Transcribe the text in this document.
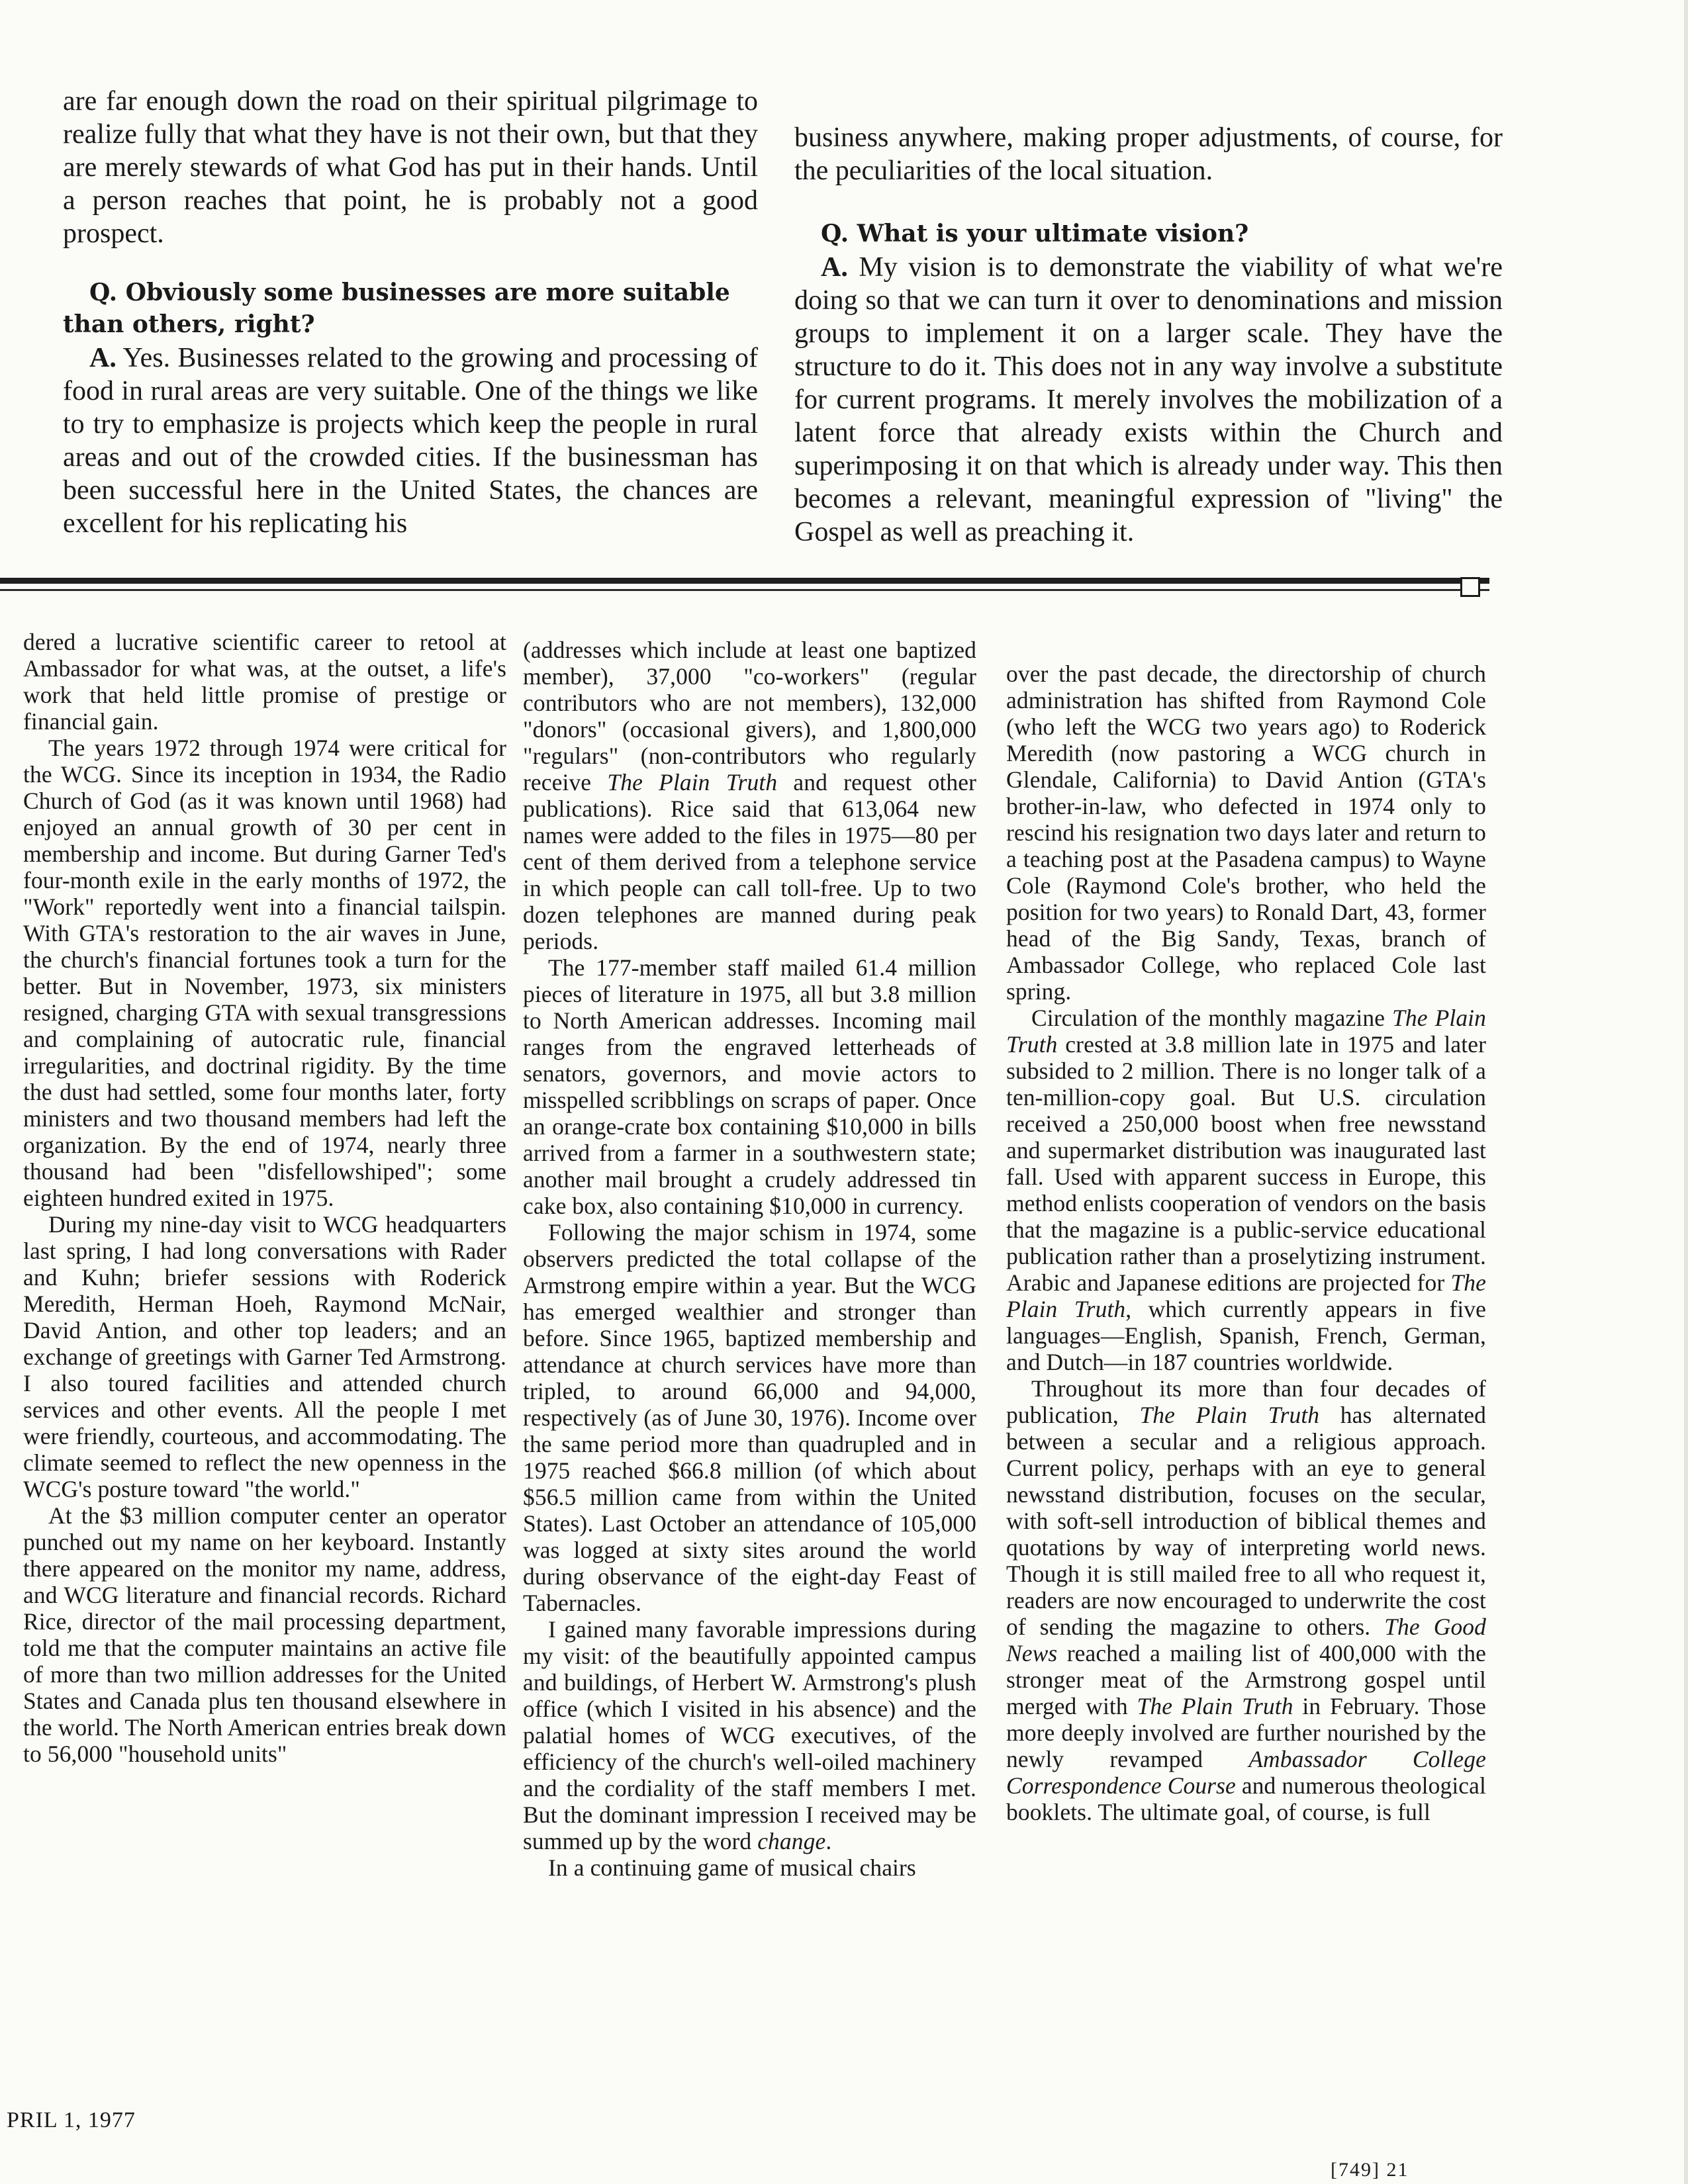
are far enough down the road on their spiritual pilgrimage to realize fully that what they have is not their own, but that they are merely stewards of what God has put in their hands. Until a person reaches that point, he is probably not a good prospect.

Q. Obviously some businesses are more suitable than others, right?

A. Yes. Businesses related to the growing and processing of food in rural areas are very suitable. One of the things we like to try to emphasize is projects which keep the people in rural areas and out of the crowded cities. If the businessman has been successful here in the United States, the chances are excellent for his replicating his

business anywhere, making proper adjustments, of course, for the peculiarities of the local situation.

Q. What is your ultimate vision?

A. My vision is to demonstrate the viability of what we're doing so that we can turn it over to denominations and mission groups to implement it on a larger scale. They have the structure to do it. This does not in any way involve a substitute for current programs. It merely involves the mobilization of a latent force that already exists within the Church and superimposing it on that which is already under way. This then becomes a relevant, meaningful expression of "living" the Gospel as well as preaching it.

dered a lucrative scientific career to retool at Ambassador for what was, at the outset, a life's work that held little promise of prestige or financial gain.

The years 1972 through 1974 were critical for the WCG. Since its inception in 1934, the Radio Church of God (as it was known until 1968) had enjoyed an annual growth of 30 per cent in membership and income. But during Garner Ted's four-month exile in the early months of 1972, the "Work" reportedly went into a financial tailspin. With GTA's restoration to the air waves in June, the church's financial fortunes took a turn for the better. But in November, 1973, six ministers resigned, charging GTA with sexual transgressions and complaining of autocratic rule, financial irregularities, and doctrinal rigidity. By the time the dust had settled, some four months later, forty ministers and two thousand members had left the organization. By the end of 1974, nearly three thousand had been "disfellowshiped"; some eighteen hundred exited in 1975.

During my nine-day visit to WCG headquarters last spring, I had long conversations with Rader and Kuhn; briefer sessions with Roderick Meredith, Herman Hoeh, Raymond McNair, David Antion, and other top leaders; and an exchange of greetings with Garner Ted Armstrong. I also toured facilities and attended church services and other events. All the people I met were friendly, courteous, and accommodating. The climate seemed to reflect the new openness in the WCG's posture toward "the world."

At the $3 million computer center an operator punched out my name on her keyboard. Instantly there appeared on the monitor my name, address, and WCG literature and financial records. Richard Rice, director of the mail processing department, told me that the computer maintains an active file of more than two million addresses for the United States and Canada plus ten thousand elsewhere in the world. The North American entries break down to 56,000 "household units"

(addresses which include at least one baptized member), 37,000 "co-workers" (regular contributors who are not members), 132,000 "donors" (occasional givers), and 1,800,000 "regulars" (non-contributors who regularly receive The Plain Truth and request other publications). Rice said that 613,064 new names were added to the files in 1975—80 per cent of them derived from a telephone service in which people can call toll-free. Up to two dozen telephones are manned during peak periods.

The 177-member staff mailed 61.4 million pieces of literature in 1975, all but 3.8 million to North American addresses. Incoming mail ranges from the engraved letterheads of senators, governors, and movie actors to misspelled scribblings on scraps of paper. Once an orange-crate box containing $10,000 in bills arrived from a farmer in a southwestern state; another mail brought a crudely addressed tin cake box, also containing $10,000 in currency.

Following the major schism in 1974, some observers predicted the total collapse of the Armstrong empire within a year. But the WCG has emerged wealthier and stronger than before. Since 1965, baptized membership and attendance at church services have more than tripled, to around 66,000 and 94,000, respectively (as of June 30, 1976). Income over the same period more than quadrupled and in 1975 reached $66.8 million (of which about $56.5 million came from within the United States). Last October an attendance of 105,000 was logged at sixty sites around the world during observance of the eight-day Feast of Tabernacles.

I gained many favorable impressions during my visit: of the beautifully appointed campus and buildings, of Herbert W. Armstrong's plush office (which I visited in his absence) and the palatial homes of WCG executives, of the efficiency of the church's well-oiled machinery and the cordiality of the staff members I met. But the dominant impression I received may be summed up by the word change.

In a continuing game of musical chairs

over the past decade, the directorship of church administration has shifted from Raymond Cole (who left the WCG two years ago) to Roderick Meredith (now pastoring a WCG church in Glendale, California) to David Antion (GTA's brother-in-law, who defected in 1974 only to rescind his resignation two days later and return to a teaching post at the Pasadena campus) to Wayne Cole (Raymond Cole's brother, who held the position for two years) to Ronald Dart, 43, former head of the Big Sandy, Texas, branch of Ambassador College, who replaced Cole last spring.

Circulation of the monthly magazine The Plain Truth crested at 3.8 million late in 1975 and later subsided to 2 million. There is no longer talk of a ten-million-copy goal. But U.S. circulation received a 250,000 boost when free newsstand and supermarket distribution was inaugurated last fall. Used with apparent success in Europe, this method enlists cooperation of vendors on the basis that the magazine is a public-service educational publication rather than a proselytizing instrument. Arabic and Japanese editions are projected for The Plain Truth, which currently appears in five languages—English, Spanish, French, German, and Dutch—in 187 countries worldwide.

Throughout its more than four decades of publication, The Plain Truth has alternated between a secular and a religious approach. Current policy, perhaps with an eye to general newsstand distribution, focuses on the secular, with soft-sell introduction of biblical themes and quotations by way of interpreting world news. Though it is still mailed free to all who request it, readers are now encouraged to underwrite the cost of sending the magazine to others. The Good News reached a mailing list of 400,000 with the stronger meat of the Armstrong gospel until merged with The Plain Truth in February. Those more deeply involved are further nourished by the newly revamped Ambassador College Correspondence Course and numerous theological booklets. The ultimate goal, of course, is full

PRIL 1, 1977
[749] 21
